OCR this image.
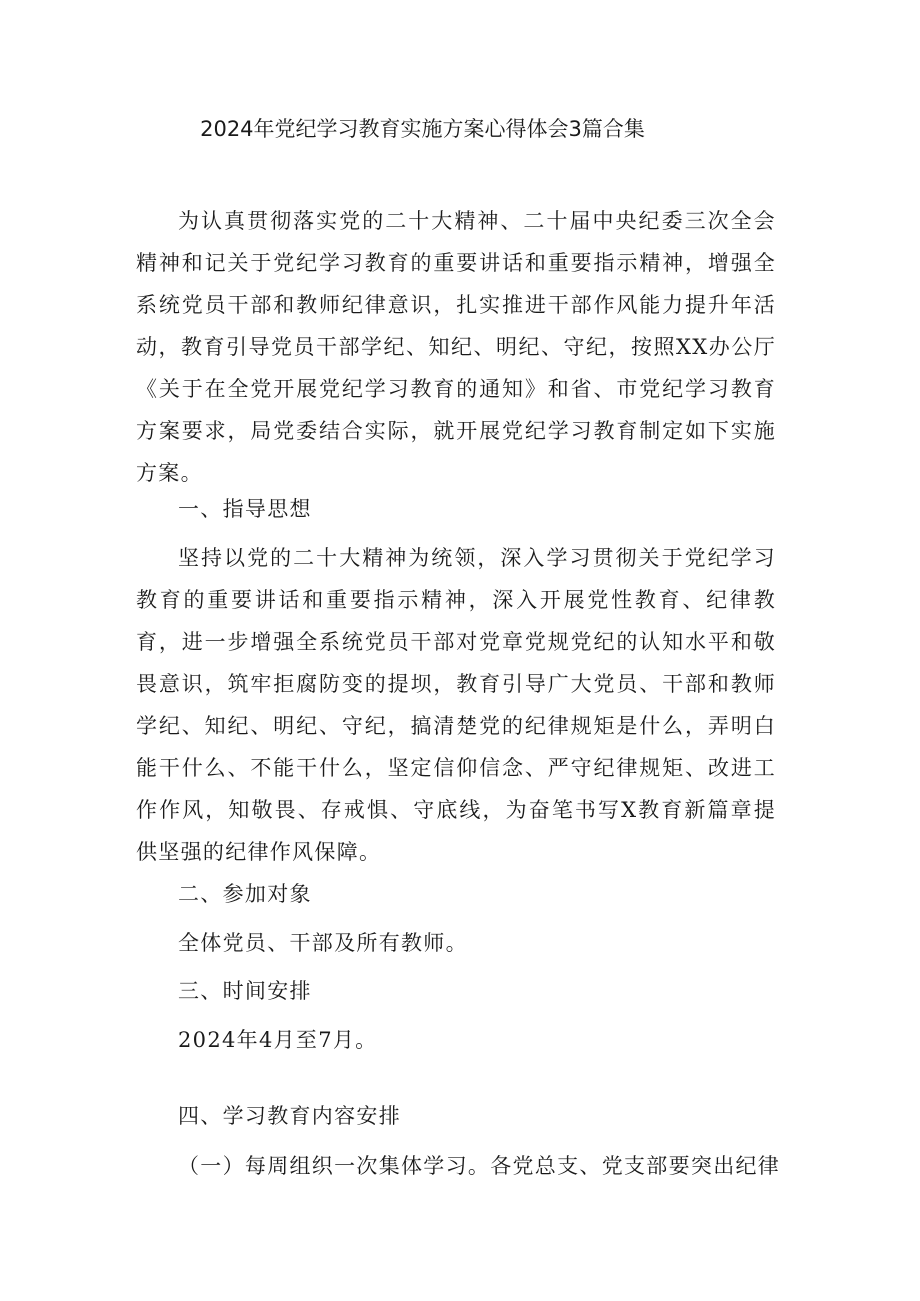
2024年党纪学习教育实施方案心得体会3篇合集

为认真贯彻落实党的二十大精神、二十届中央纪委三次全会精神和记关于党纪学习教育的重要讲话和重要指示精神，增强全系统党员干部和教师纪律意识，扎实推进干部作风能力提升年活动，教育引导党员干部学纪、知纪、明纪、守纪，按照XX办公厅《关于在全党开展党纪学习教育的通知》和省、市党纪学习教育方案要求，局党委结合实际，就开展党纪学习教育制定如下实施方案。

一、指导思想

坚持以党的二十大精神为统领，深入学习贯彻关于党纪学习教育的重要讲话和重要指示精神，深入开展党性教育、纪律教育，进一步增强全系统党员干部对党章党规党纪的认知水平和敬畏意识，筑牢拒腐防变的提坝，教育引导广大党员、干部和教师学纪、知纪、明纪、守纪，搞清楚党的纪律规矩是什么，弄明白能干什么、不能干什么，坚定信仰信念、严守纪律规矩、改进工作作风，知敬畏、存戒惧、守底线，为奋笔书写X教育新篇章提供坚强的纪律作风保障。

二、参加对象

全体党员、干部及所有教师。

三、时间安排

2024年4月至7月。

四、学习教育内容安排

（一）每周组织一次集体学习。各党总支、党支部要突出纪律
